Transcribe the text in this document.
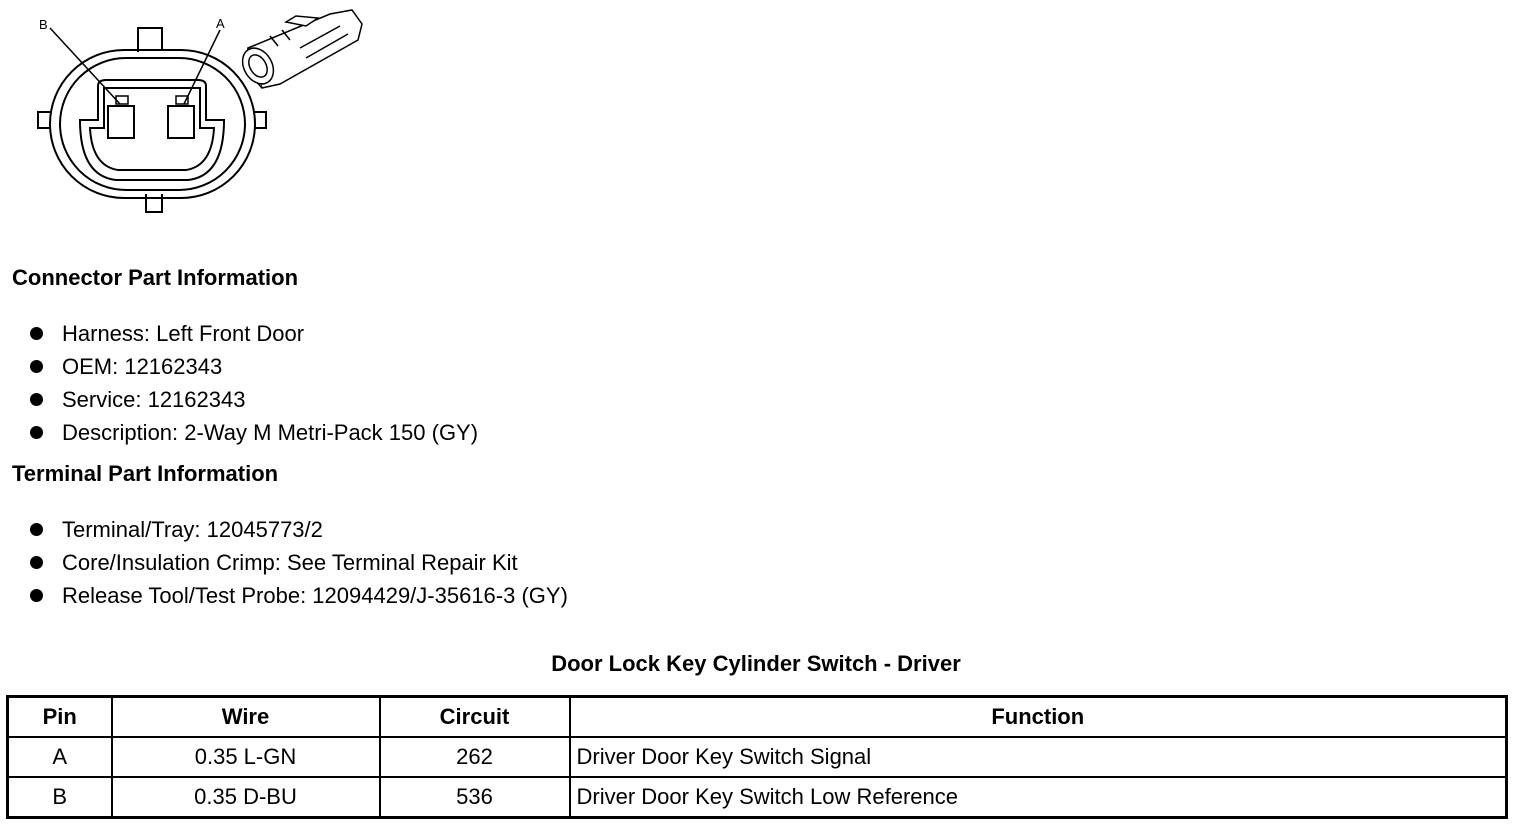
B	A
Connector Part Information
Harness: Left Front Door
OEM: 12162343
Service: 12162343
Description: 2-Way M Metri-Pack 150 (GY)
Terminal Part Information
Terminal/Tray: 12045773/2
Core/Insulation Crimp: See Terminal Repair Kit
Release Tool/Test Probe: 12094429/J-35616-3 (GY)
Door Lock Key Cylinder Switch - Driver
Pin	Wire	Circuit	Function
A	0.35 L-GN	262	Driver Door Key Switch Signal
B	0.35 D-BU	536	Driver Door Key Switch Low Reference
